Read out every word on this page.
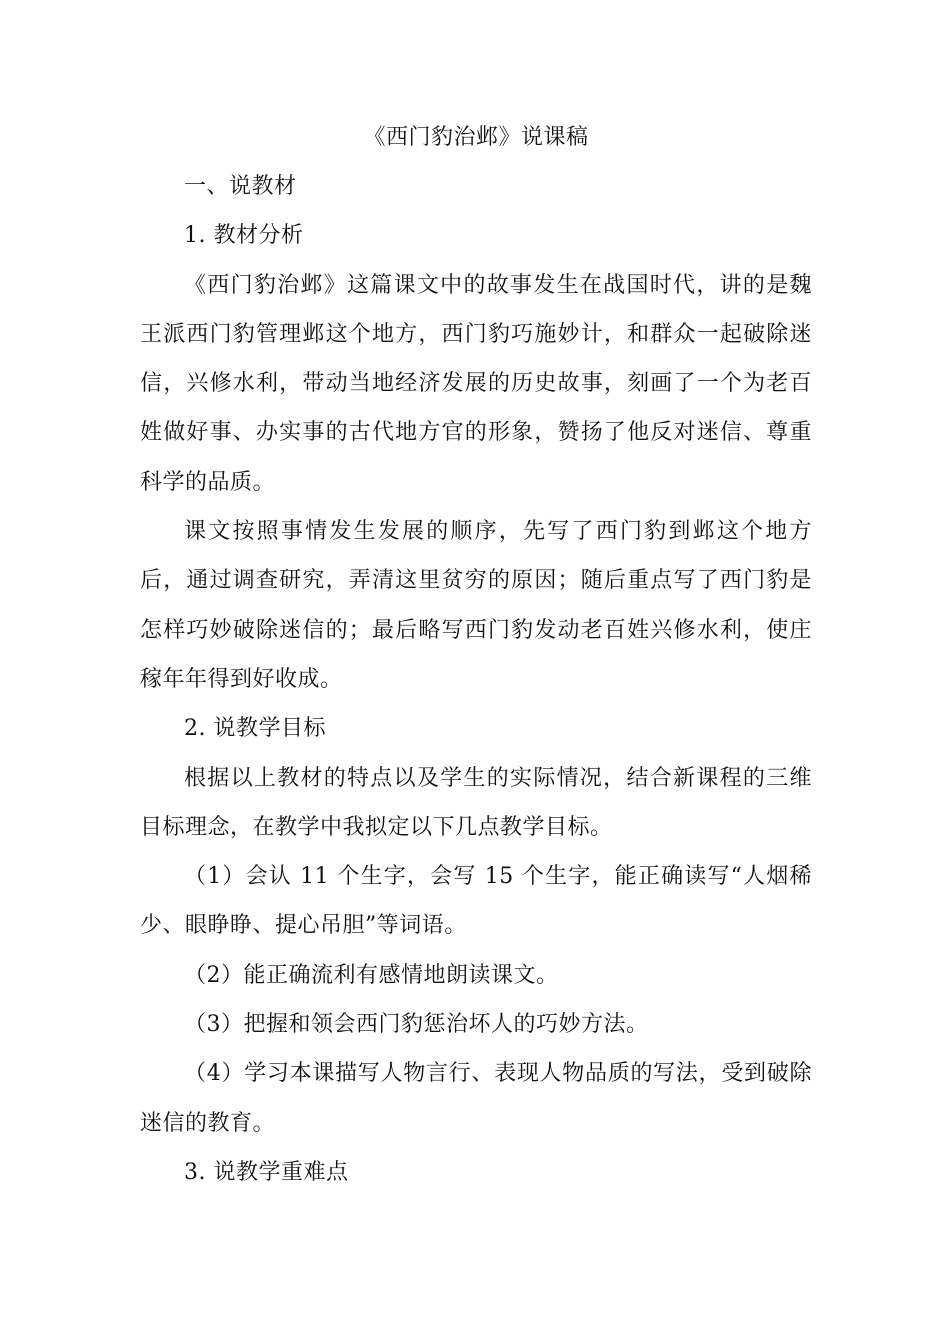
《西门豹治邺》说课稿

一、说教材

1. 教材分析

《西门豹治邺》这篇课文中的故事发生在战国时代，讲的是魏王派西门豹管理邺这个地方，西门豹巧施妙计，和群众一起破除迷信，兴修水利，带动当地经济发展的历史故事，刻画了一个为老百姓做好事、办实事的古代地方官的形象，赞扬了他反对迷信、尊重科学的品质。

课文按照事情发生发展的顺序，先写了西门豹到邺这个地方后，通过调查研究，弄清这里贫穷的原因；随后重点写了西门豹是怎样巧妙破除迷信的；最后略写西门豹发动老百姓兴修水利，使庄稼年年得到好收成。

2. 说教学目标

根据以上教材的特点以及学生的实际情况，结合新课程的三维目标理念，在教学中我拟定以下几点教学目标。

（1）会认 11 个生字，会写 15 个生字，能正确读写“人烟稀少、眼睁睁、提心吊胆”等词语。

（2）能正确流利有感情地朗读课文。

（3）把握和领会西门豹惩治坏人的巧妙方法。

（4）学习本课描写人物言行、表现人物品质的写法，受到破除迷信的教育。

3. 说教学重难点
